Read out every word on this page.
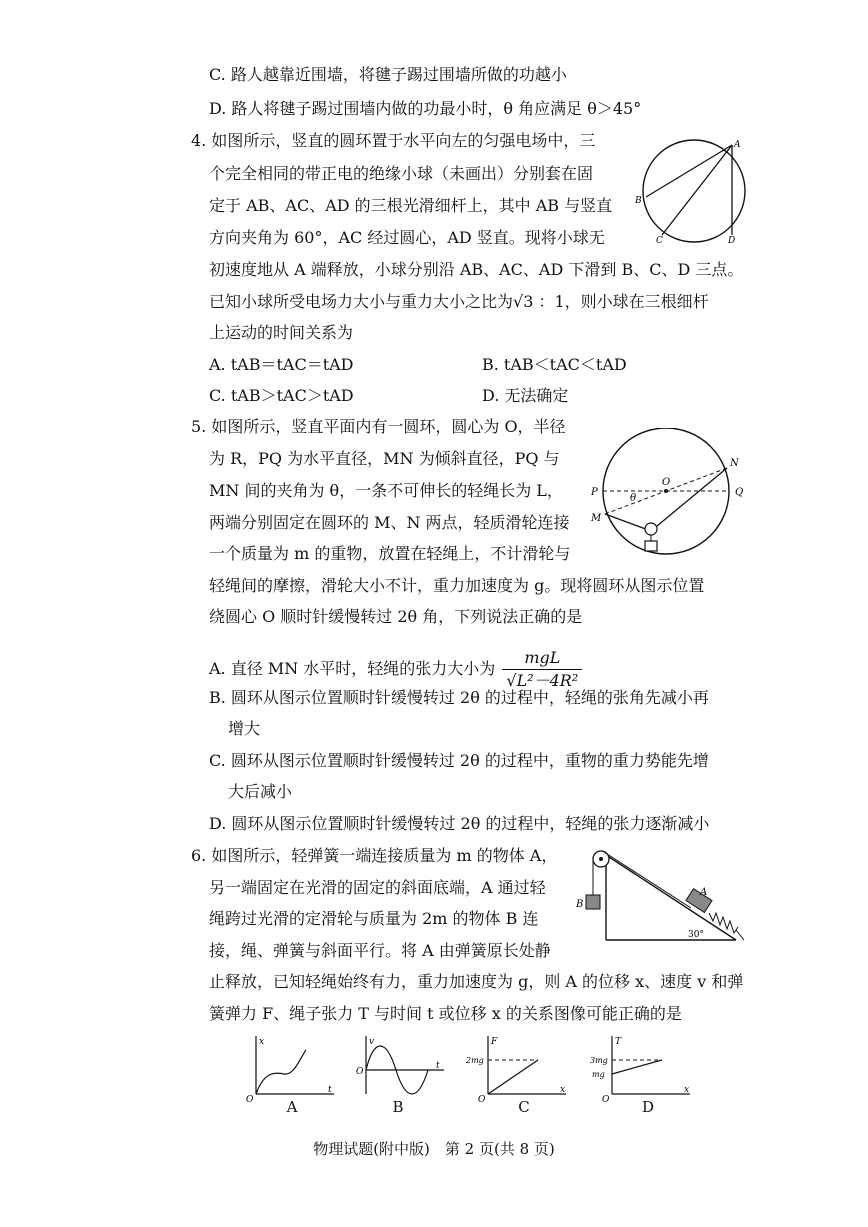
C. 路人越靠近围墙，将毽子踢过围墙所做的功越小
D. 路人将毽子踢过围墙内做的功最小时，θ 角应满足 θ＞45°
4. 如图所示，竖直的圆环置于水平向左的匀强电场中，三
个完全相同的带正电的绝缘小球（未画出）分别套在固
定于 AB、AC、AD 的三根光滑细杆上，其中 AB 与竖直
方向夹角为 60°，AC 经过圆心，AD 竖直。现将小球无
初速度地从 A 端释放，小球分别沿 AB、AC、AD 下滑到 B、C、D 三点。
已知小球所受电场力大小与重力大小之比为√3 ：1，则小球在三根细杆
上运动的时间关系为
A. tAB＝tAC＝tAD	B. tAB＜tAC＜tAD
C. tAB＞tAC＞tAD	D. 无法确定
5. 如图所示，竖直平面内有一圆环，圆心为 O，半径
为 R，PQ 为水平直径，MN 为倾斜直径，PQ 与
MN 间的夹角为 θ，一条不可伸长的轻绳长为 L，
两端分别固定在圆环的 M、N 两点，轻质滑轮连接
一个质量为 m 的重物，放置在轻绳上，不计滑轮与
轻绳间的摩擦，滑轮大小不计，重力加速度为 g。现将圆环从图示位置
绕圆心 O 顺时针缓慢转过 2θ 角，下列说法正确的是
A. 直径 MN 水平时，轻绳的张力大小为 $\frac{\text{mgL}}{\text{√L²－4R²}}$
B. 圆环从图示位置顺时针缓慢转过 2θ 的过程中，轻绳的张角先减小再
增大
C. 圆环从图示位置顺时针缓慢转过 2θ 的过程中，重物的重力势能先增
大后减小
D. 圆环从图示位置顺时针缓慢转过 2θ 的过程中，轻绳的张力逐渐减小
6. 如图所示，轻弹簧一端连接质量为 m 的物体 A，
另一端固定在光滑的固定的斜面底端，A 通过轻
绳跨过光滑的定滑轮与质量为 2m 的物体 B 连
接，绳、弹簧与斜面平行。将 A 由弹簧原长处静
止释放，已知轻绳始终有力，重力加速度为 g，则 A 的位移 x、速度 v 和弹
簧弹力 F、绳子张力 T 与时间 t 或位移 x 的关系图像可能正确的是
A
B
C	D
O
N
P	Q
M
θ
A
B
30°
x
t
O	A
v
t
O
B
F
x
O
2mg
C
T
x
O
3mg
mg
D
物理试题(附中版)　第 2 页(共 8 页)
